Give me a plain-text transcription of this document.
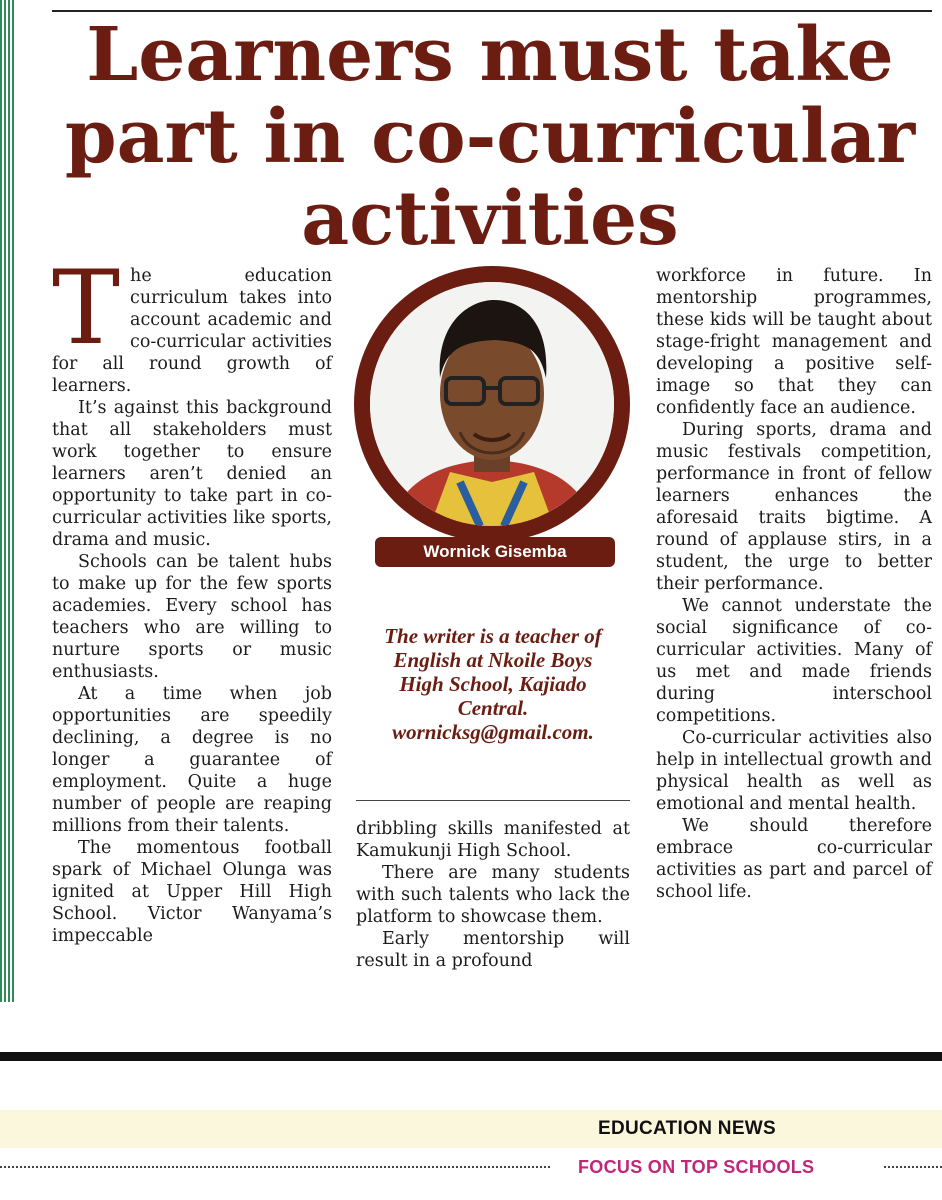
Learners must take
part in co-curricular
activities

The education curriculum takes into account academic and co-curricular activities for all round growth of learners.

It’s against this background that all stakeholders must work together to ensure learners aren’t denied an opportunity to take part in co-curricular activities like sports, drama and music.

Schools can be talent hubs to make up for the few sports academies. Every school has teachers who are willing to nurture sports or music enthusiasts.

At a time when job opportunities are speedily declining, a degree is no longer a guarantee of employment. Quite a huge number of people are reaping millions from their talents.

The momentous football spark of Michael Olunga was ignited at Upper Hill High School. Victor Wanyama’s impeccable

Wornick Gisemba
The writer is a teacher of
English at Nkoile Boys
High School, Kajiado
Central.
wornicksg@gmail.com.

dribbling skills manifested at Kamukunji High School.

There are many students with such talents who lack the platform to showcase them.

Early mentorship will result in a profound

workforce in future. In mentorship programmes, these kids will be taught about stage-fright management and developing a positive self-image so that they can confidently face an audience.

During sports, drama and music festivals competition, performance in front of fellow learners enhances the aforesaid traits bigtime. A round of applause stirs, in a student, the urge to better their performance.

We cannot understate the social significance of co-curricular activities. Many of us met and made friends during interschool competitions.

Co-curricular activities also help in intellectual growth and physical health as well as emotional and mental health.

We should therefore embrace co-curricular activities as part and parcel of school life.

EDUCATION NEWS
FOCUS ON TOP SCHOOLS
